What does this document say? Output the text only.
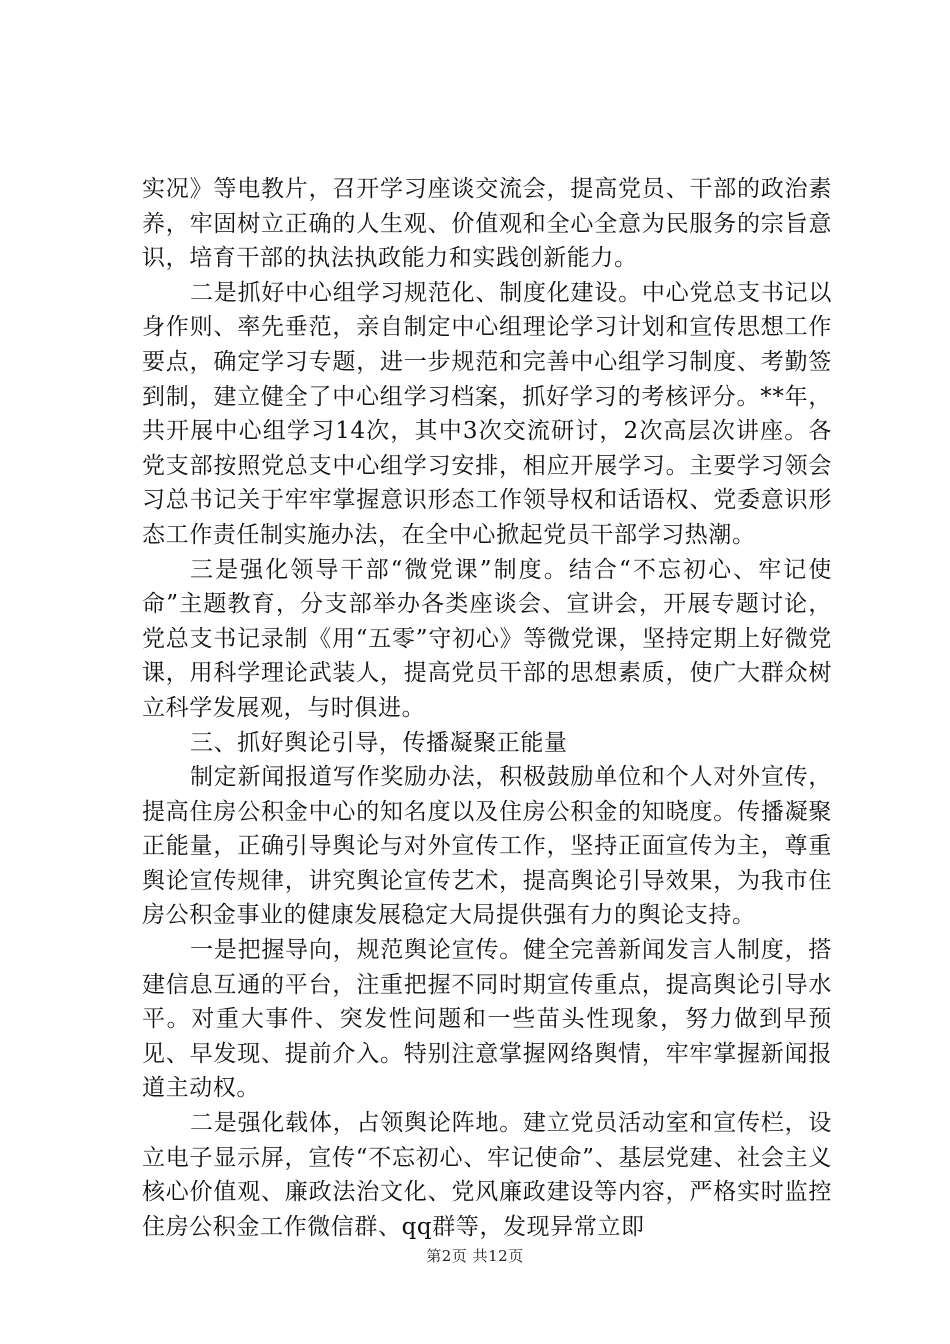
实况》等电教片，召开学习座谈交流会，提高党员、干部的政治素养，牢固树立正确的人生观、价值观和全心全意为民服务的宗旨意识，培育干部的执法执政能力和实践创新能力。

二是抓好中心组学习规范化、制度化建设。中心党总支书记以身作则、率先垂范，亲自制定中心组理论学习计划和宣传思想工作要点，确定学习专题，进一步规范和完善中心组学习制度、考勤签到制，建立健全了中心组学习档案，抓好学习的考核评分。**年，共开展中心组学习14次，其中3次交流研讨，2次高层次讲座。各党支部按照党总支中心组学习安排，相应开展学习。主要学习领会习总书记关于牢牢掌握意识形态工作领导权和话语权、党委意识形态工作责任制实施办法，在全中心掀起党员干部学习热潮。

三是强化领导干部“微党课”制度。结合“不忘初心、牢记使命”主题教育，分支部举办各类座谈会、宣讲会，开展专题讨论，党总支书记录制《用“五零”守初心》等微党课，坚持定期上好微党课，用科学理论武装人，提高党员干部的思想素质，使广大群众树立科学发展观，与时俱进。

三、抓好舆论引导，传播凝聚正能量

制定新闻报道写作奖励办法，积极鼓励单位和个人对外宣传，提高住房公积金中心的知名度以及住房公积金的知晓度。传播凝聚正能量，正确引导舆论与对外宣传工作，坚持正面宣传为主，尊重舆论宣传规律，讲究舆论宣传艺术，提高舆论引导效果，为我市住房公积金事业的健康发展稳定大局提供强有力的舆论支持。

一是把握导向，规范舆论宣传。健全完善新闻发言人制度，搭建信息互通的平台，注重把握不同时期宣传重点，提高舆论引导水平。对重大事件、突发性问题和一些苗头性现象，努力做到早预见、早发现、提前介入。特别注意掌握网络舆情，牢牢掌握新闻报道主动权。

二是强化载体，占领舆论阵地。建立党员活动室和宣传栏，设立电子显示屏，宣传“不忘初心、牢记使命”、基层党建、社会主义核心价值观、廉政法治文化、党风廉政建设等内容，严格实时监控住房公积金工作微信群、qq群等，发现异常立即

第2页 共12页
